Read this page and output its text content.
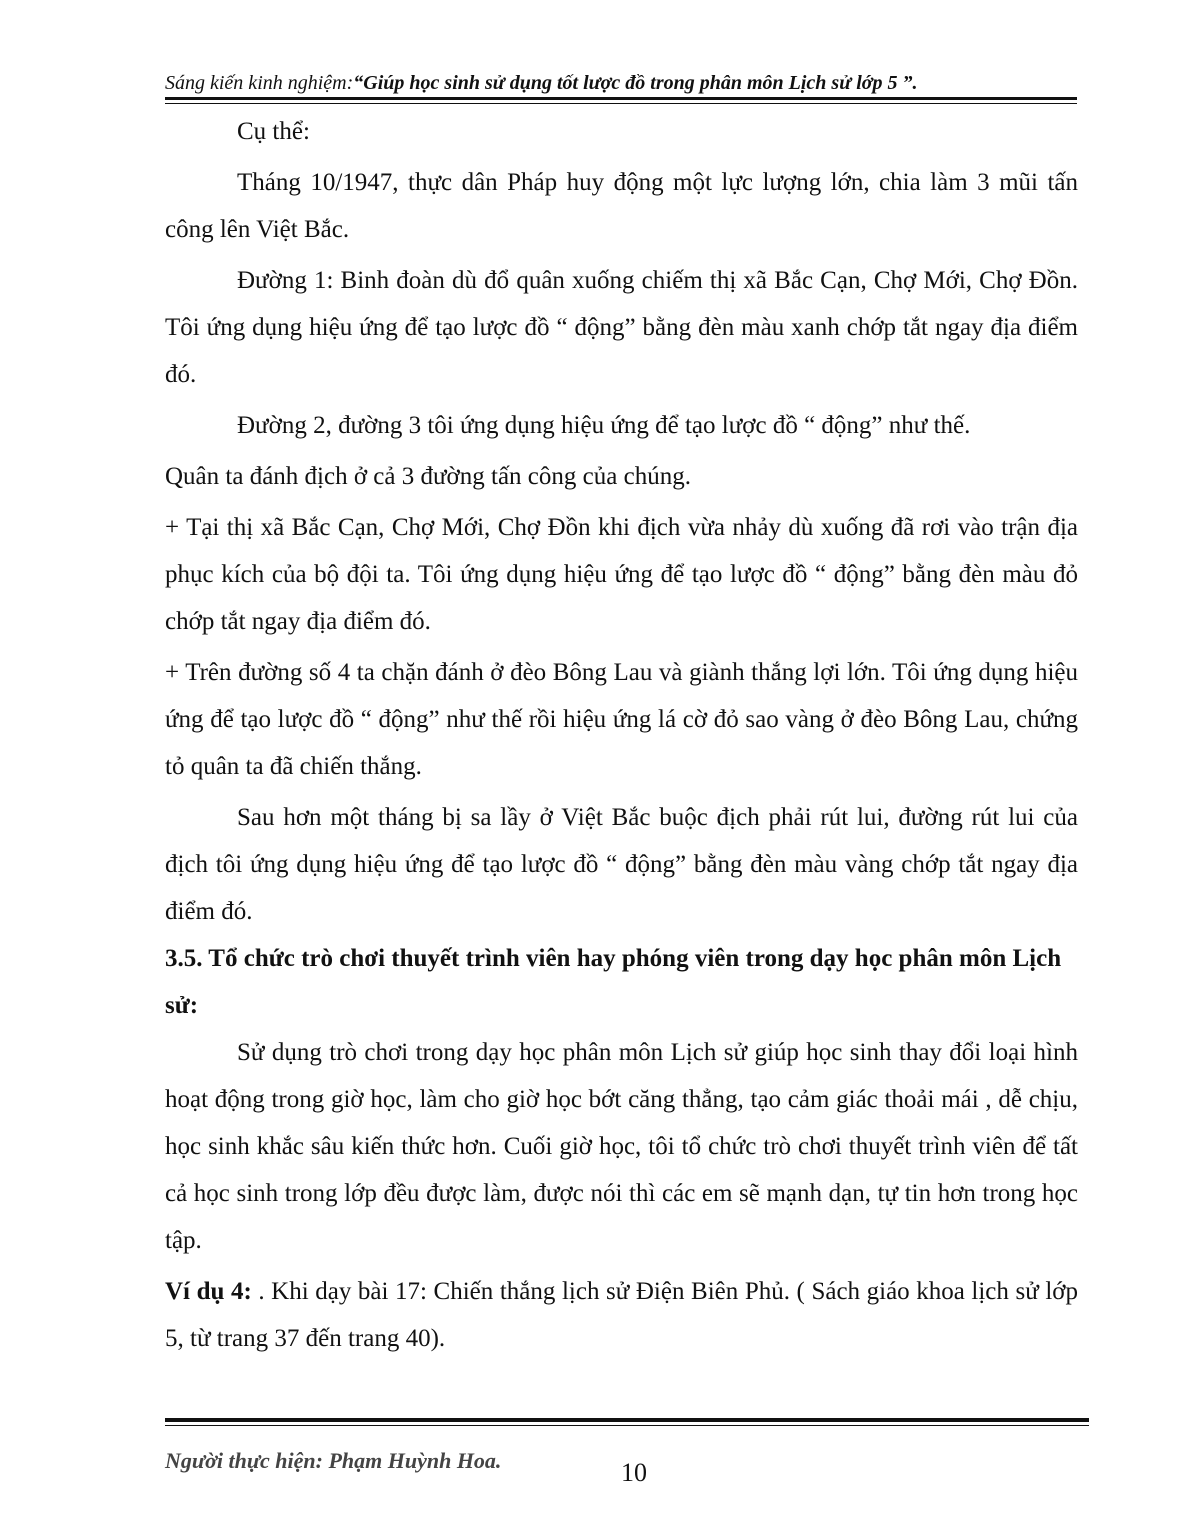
Sáng kiến kinh nghiệm:“Giúp học sinh sử dụng tốt lược đồ trong phân môn Lịch sử lớp 5 ”.

Cụ thể:

Tháng 10/1947, thực dân Pháp huy động một lực lượng lớn, chia làm 3 mũi tấn công lên Việt Bắc.

Đường 1: Binh đoàn dù đổ quân xuống chiếm thị xã Bắc Cạn, Chợ Mới, Chợ Đồn. Tôi ứng dụng hiệu ứng để tạo lược đồ “ động” bằng đèn màu xanh chớp tắt ngay địa điểm đó.

Đường 2, đường 3 tôi ứng dụng hiệu ứng để tạo lược đồ “ động” như thế.

Quân ta đánh địch ở cả 3 đường tấn công của chúng.

+ Tại thị xã Bắc Cạn, Chợ Mới, Chợ Đồn khi địch vừa nhảy dù xuống đã rơi vào trận địa phục kích của bộ đội ta. Tôi ứng dụng hiệu ứng để tạo lược đồ “ động” bằng đèn màu đỏ chớp tắt ngay địa điểm đó.

+ Trên đường số 4 ta chặn đánh ở đèo Bông Lau và giành thắng lợi lớn. Tôi ứng dụng hiệu ứng để tạo lược đồ “ động” như thế rồi hiệu ứng lá cờ đỏ sao vàng ở đèo Bông Lau, chứng tỏ quân ta đã chiến thắng.

Sau hơn một tháng bị sa lầy ở Việt Bắc buộc địch phải rút lui, đường rút lui của địch tôi ứng dụng hiệu ứng để tạo lược đồ “ động” bằng đèn màu vàng chớp tắt ngay địa điểm đó.

3.5. Tổ chức trò chơi thuyết trình viên hay phóng viên trong dạy học phân môn Lịch sử:

Sử dụng trò chơi trong dạy học phân môn Lịch sử giúp học sinh thay đổi loại hình hoạt động trong giờ học, làm cho giờ học bớt căng thẳng, tạo cảm giác thoải mái , dễ chịu, học sinh khắc sâu kiến thức hơn. Cuối giờ học, tôi tổ chức trò chơi thuyết trình viên để tất cả học sinh trong lớp đều được làm, được nói thì các em sẽ mạnh dạn, tự tin hơn trong học tập.

Ví dụ 4: . Khi dạy bài 17: Chiến thắng lịch sử Điện Biên Phủ. ( Sách giáo khoa lịch sử lớp 5, từ trang 37 đến trang 40).

Người thực hiện: Phạm Huỳnh Hoa.	10
